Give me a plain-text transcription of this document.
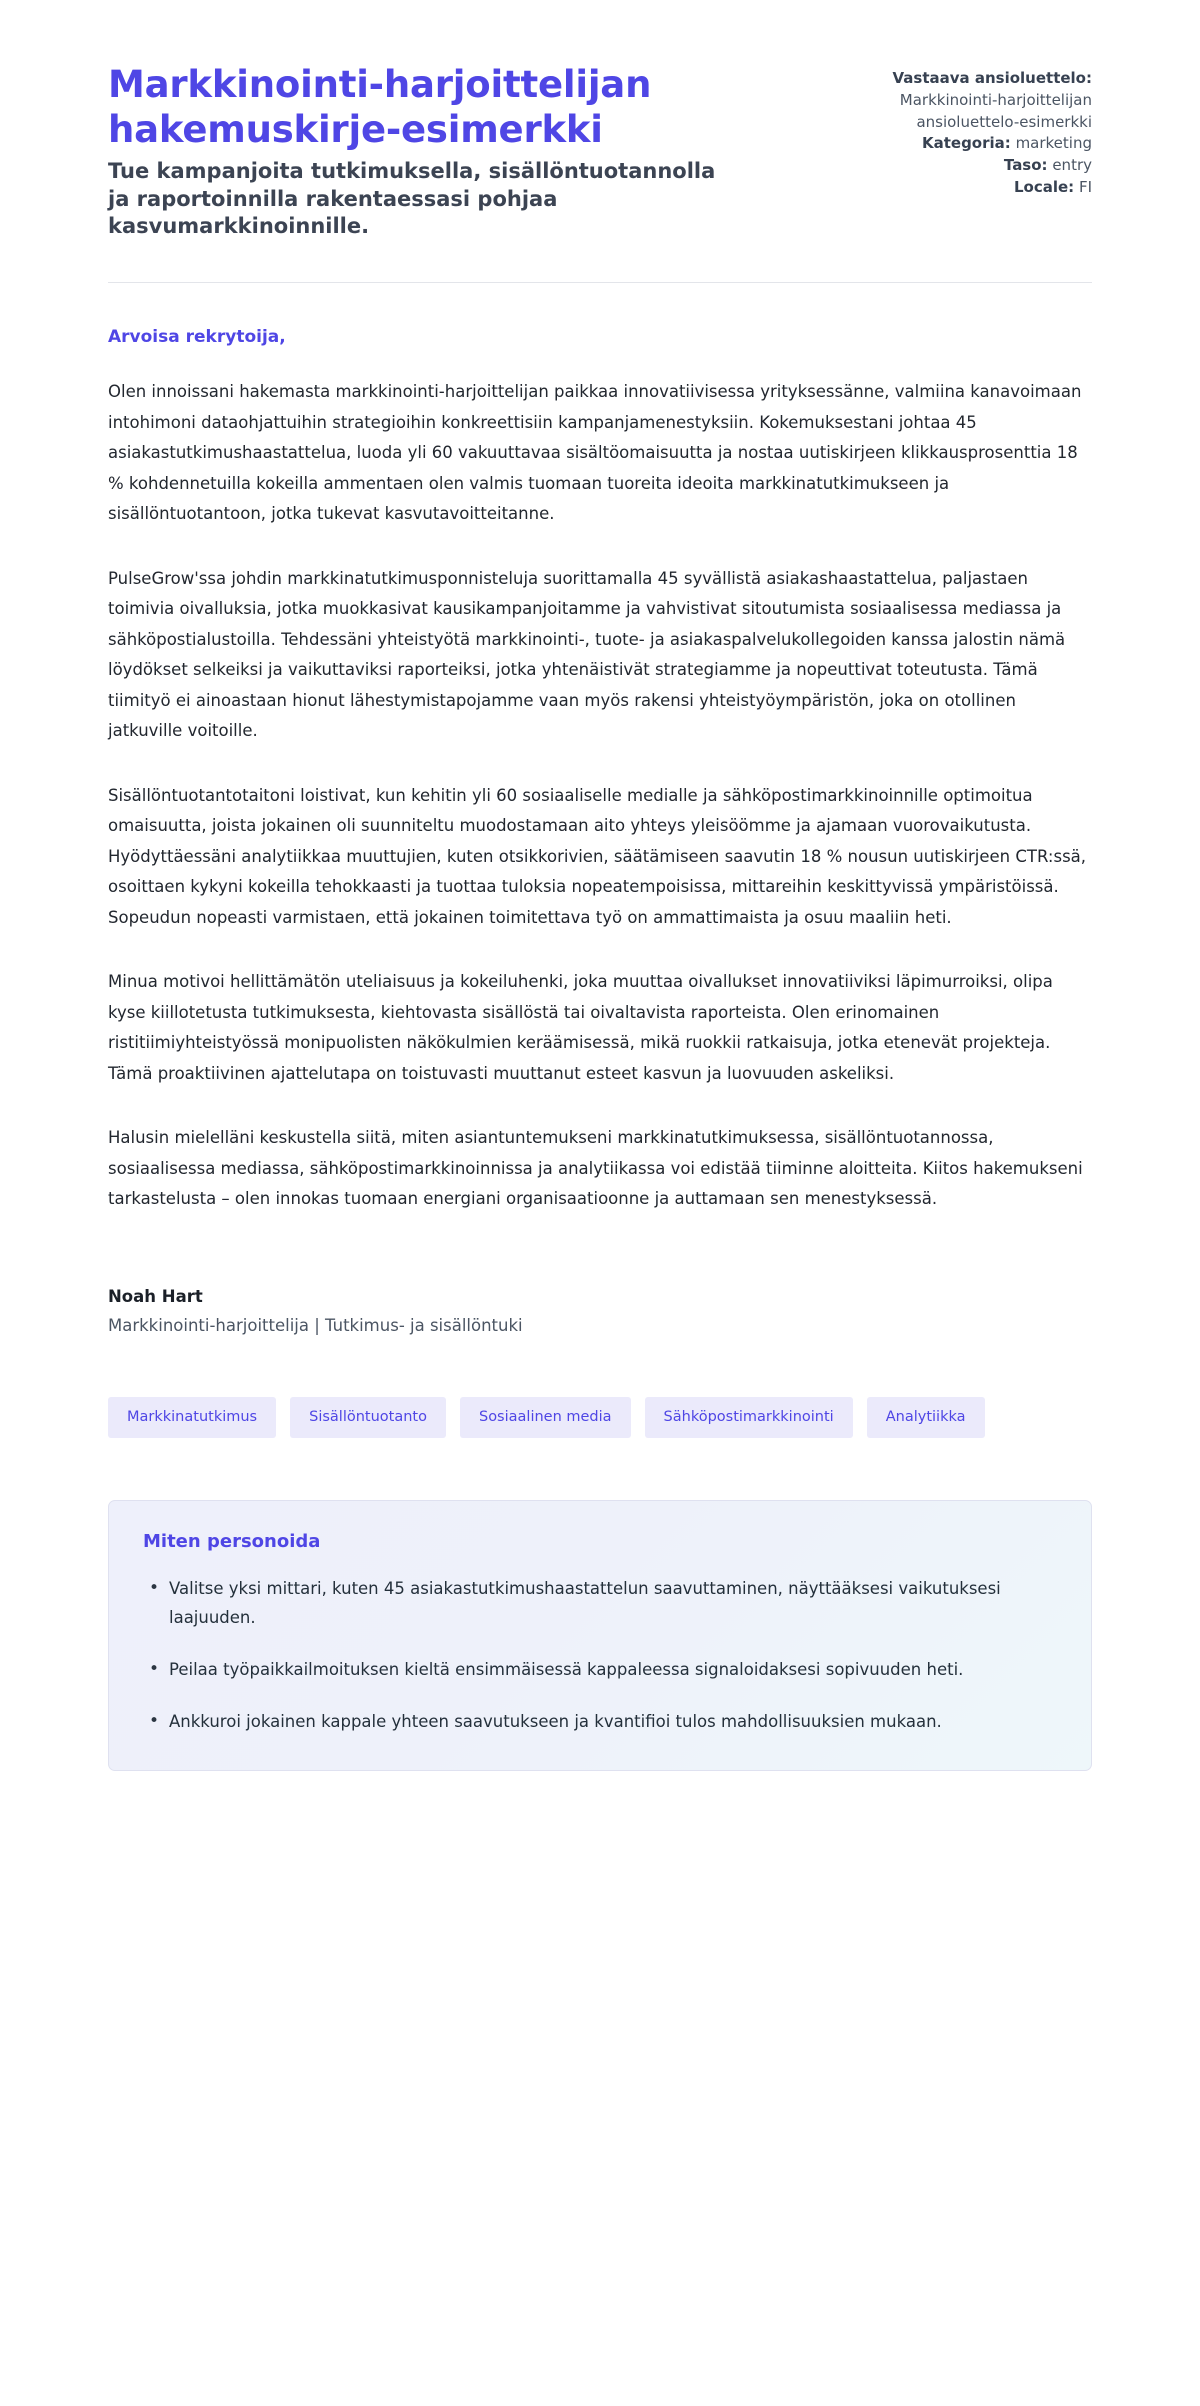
Markkinointi-harjoittelijan hakemuskirje-esimerkki

Tue kampanjoita tutkimuksella, sisällöntuotannolla ja raportoinnilla rakentaessasi pohjaa kasvumarkkinoinnille.

Vastaava ansioluettelo:
Markkinointi-harjoittelijan ansioluettelo-esimerkki
Kategoria: marketing
Taso: entry
Locale: FI

Arvoisa rekrytoija,

Olen innoissani hakemasta markkinointi-harjoittelijan paikkaa innovatiivisessa yrityksessänne, valmiina kanavoimaan intohimoni dataohjattuihin strategioihin konkreettisiin kampanjamenestyksiin. Kokemuksestani johtaa 45 asiakastutkimushaastattelua, luoda yli 60 vakuuttavaa sisältöomaisuutta ja nostaa uutiskirjeen klikkausprosenttia 18 % kohdennetuilla kokeilla ammentaen olen valmis tuomaan tuoreita ideoita markkinatutkimukseen ja sisällöntuotantoon, jotka tukevat kasvutavoitteitanne.

PulseGrow'ssa johdin markkinatutkimusponnisteluja suorittamalla 45 syvällistä asiakashaastattelua, paljastaen toimivia oivalluksia, jotka muokkasivat kausikampanjoitamme ja vahvistivat sitoutumista sosiaalisessa mediassa ja sähköpostialustoilla. Tehdessäni yhteistyötä markkinointi-, tuote- ja asiakaspalvelukollegoiden kanssa jalostin nämä löydökset selkeiksi ja vaikuttaviksi raporteiksi, jotka yhtenäistivät strategiamme ja nopeuttivat toteutusta. Tämä tiimityö ei ainoastaan hionut lähestymistapojamme vaan myös rakensi yhteistyöympäristön, joka on otollinen jatkuville voitoille.

Sisällöntuotantotaitoni loistivat, kun kehitin yli 60 sosiaaliselle medialle ja sähköpostimarkkinoinnille optimoitua omaisuutta, joista jokainen oli suunniteltu muodostamaan aito yhteys yleisöömme ja ajamaan vuorovaikutusta. Hyödyttäessäni analytiikkaa muuttujien, kuten otsikkorivien, säätämiseen saavutin 18 % nousun uutiskirjeen CTR:ssä, osoittaen kykyni kokeilla tehokkaasti ja tuottaa tuloksia nopeatempoisissa, mittareihin keskittyvissä ympäristöissä. Sopeudun nopeasti varmistaen, että jokainen toimitettava työ on ammattimaista ja osuu maaliin heti.

Minua motivoi hellittämätön uteliaisuus ja kokeiluhenki, joka muuttaa oivallukset innovatiiviksi läpimurroiksi, olipa kyse kiillotetusta tutkimuksesta, kiehtovasta sisällöstä tai oivaltavista raporteista. Olen erinomainen ristitiimiyhteistyössä monipuolisten näkökulmien keräämisessä, mikä ruokkii ratkaisuja, jotka etenevät projekteja. Tämä proaktiivinen ajattelutapa on toistuvasti muuttanut esteet kasvun ja luovuuden askeliksi.

Halusin mielelläni keskustella siitä, miten asiantuntemukseni markkinatutkimuksessa, sisällöntuotannossa, sosiaalisessa mediassa, sähköpostimarkkinoinnissa ja analytiikassa voi edistää tiiminne aloitteita. Kiitos hakemukseni tarkastelusta – olen innokas tuomaan energiani organisaatioonne ja auttamaan sen menestyksessä.

Noah Hart

Markkinointi-harjoittelija | Tutkimus- ja sisällöntuki

Markkinatutkimus	Sisällöntuotanto	Sosiaalinen media	Sähköpostimarkkinointi	Analytiikka
Miten personoida
• Valitse yksi mittari, kuten 45 asiakastutkimushaastattelun saavuttaminen, näyttääksesi vaikutuksesi laajuuden.
• Peilaa työpaikkailmoituksen kieltä ensimmäisessä kappaleessa signaloidaksesi sopivuuden heti.
• Ankkuroi jokainen kappale yhteen saavutukseen ja kvantifioi tulos mahdollisuuksien mukaan.
